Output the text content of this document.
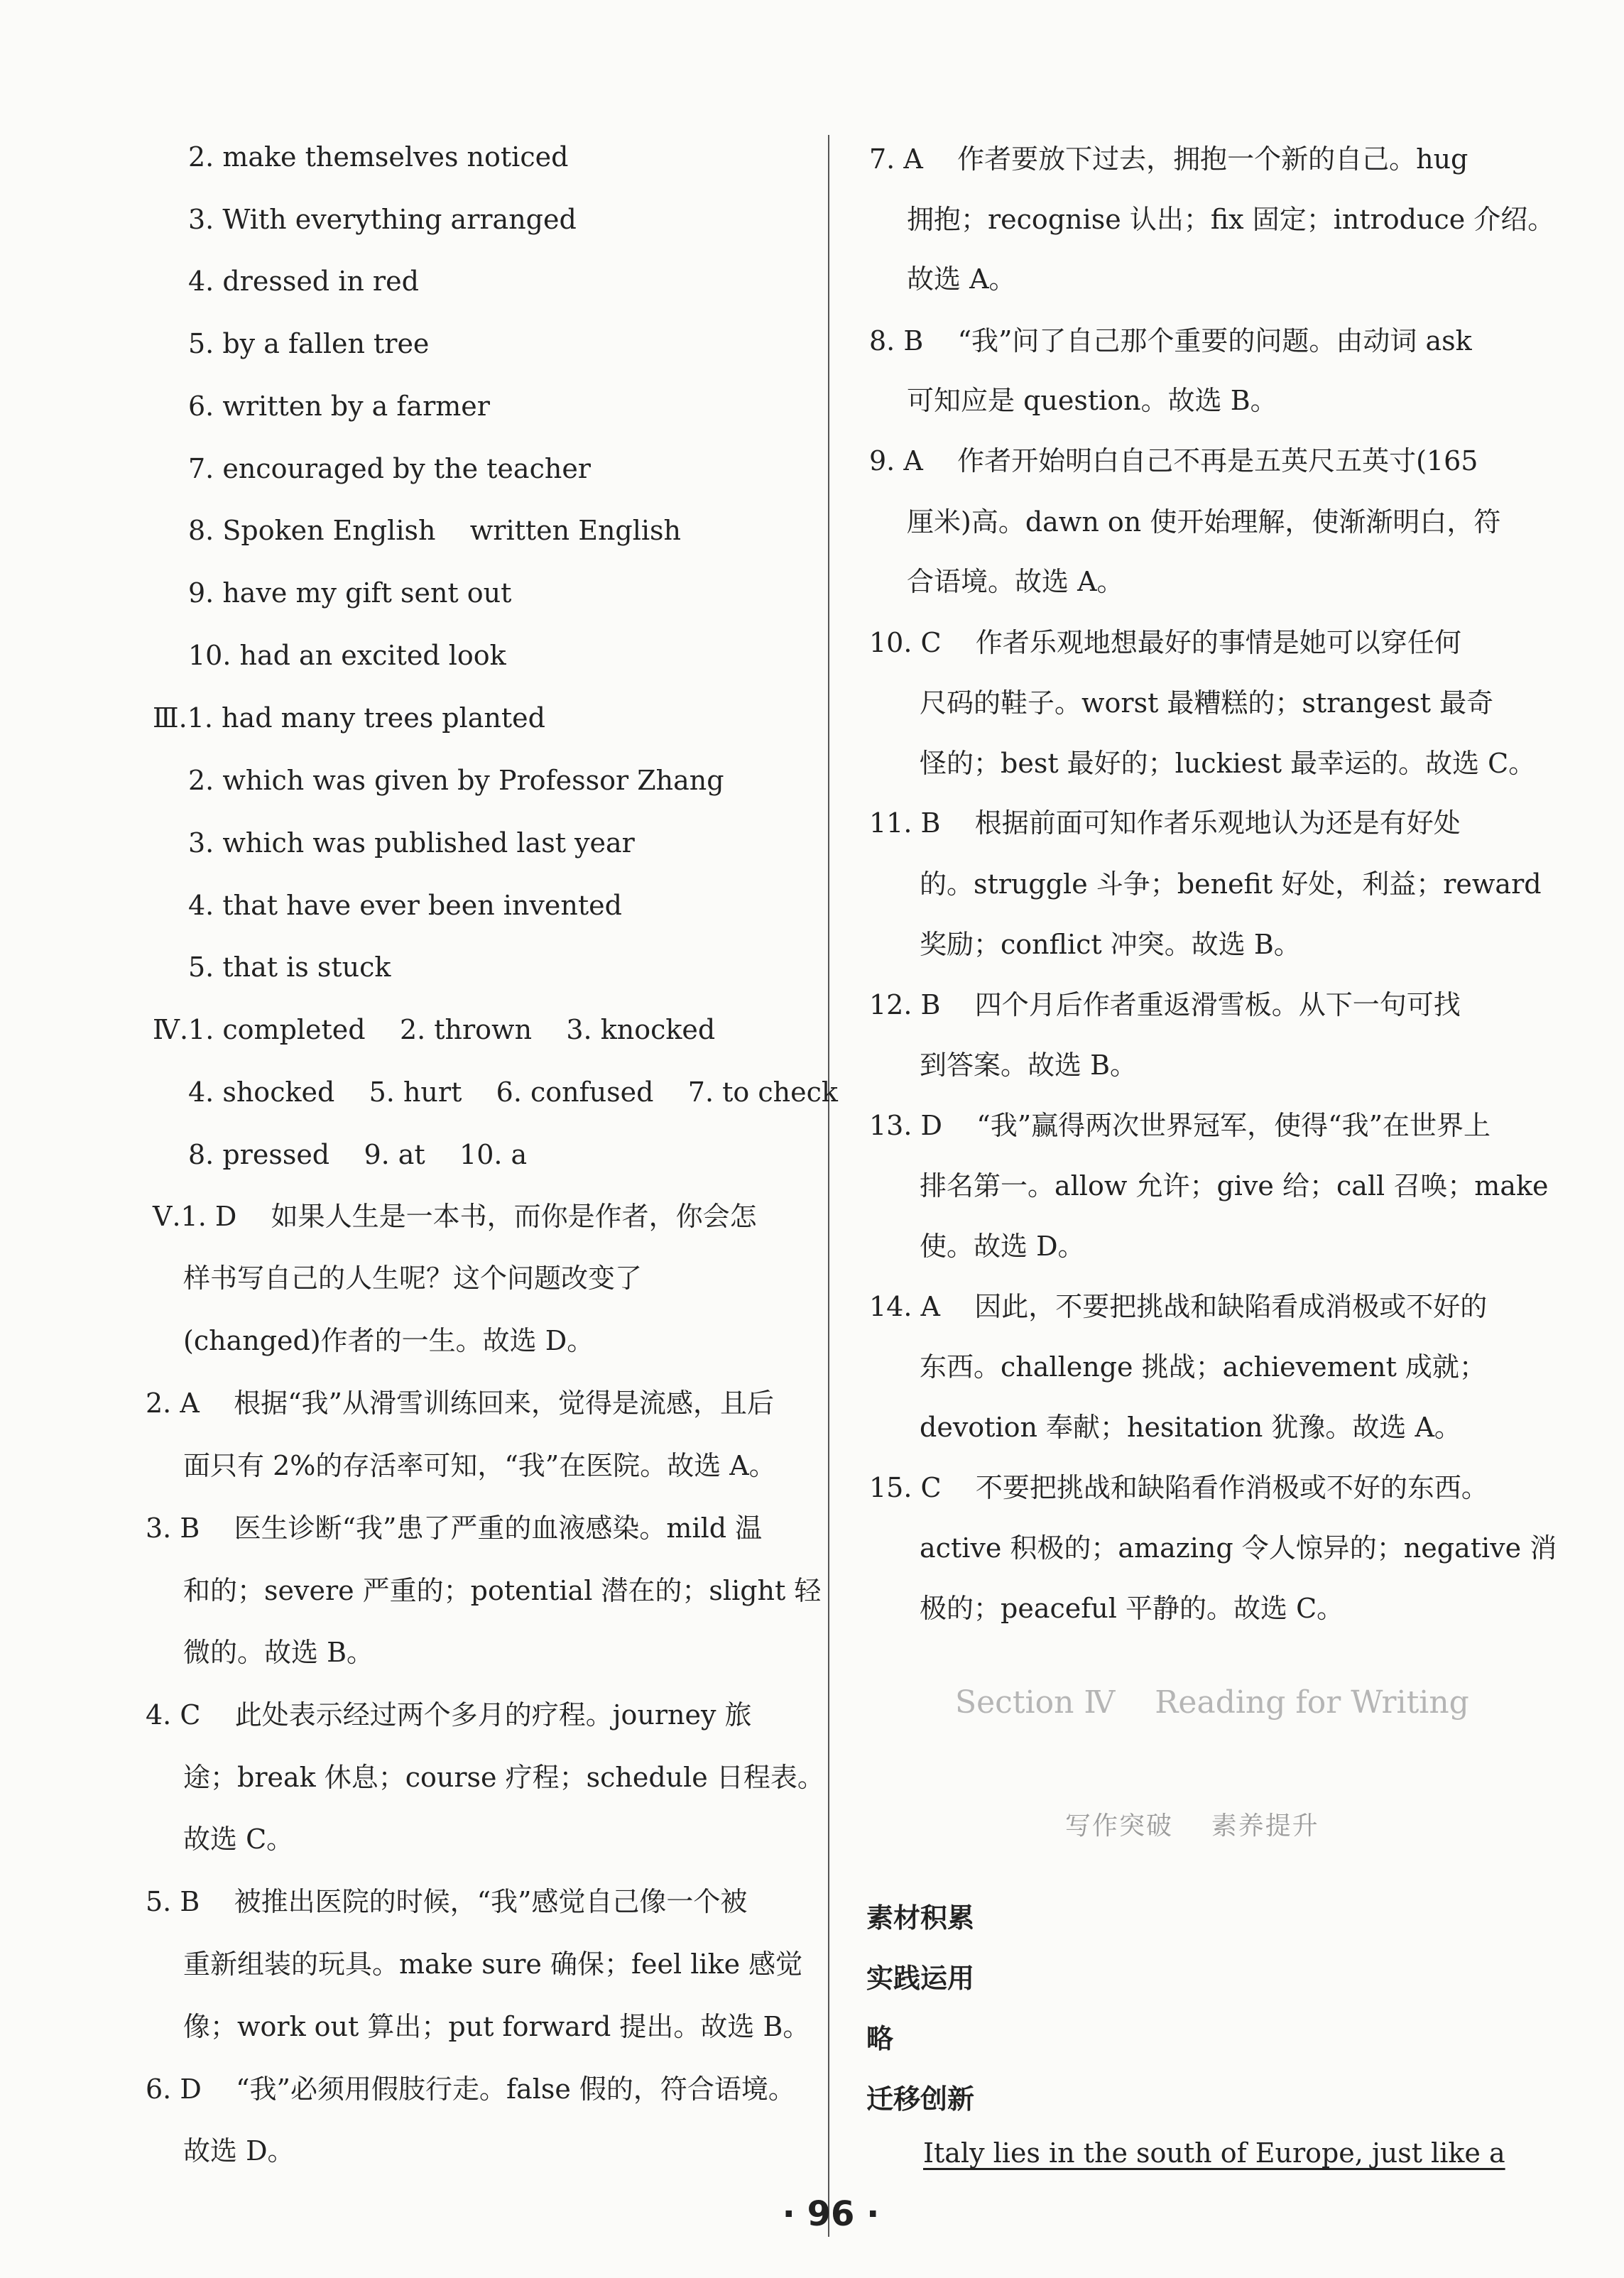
2. make themselves noticed
3. With everything arranged
4. dressed in red
5. by a fallen tree
6. written by a farmer
7. encouraged by the teacher
8. Spoken English    written English
9. have my gift sent out
10. had an excited look
Ⅲ.1. had many trees planted
2. which was given by Professor Zhang
3. which was published last year
4. that have ever been invented
5. that is stuck
Ⅳ.1. completed    2. thrown    3. knocked
4. shocked    5. hurt    6. confused    7. to check
8. pressed    9. at    10. a
Ⅴ.1. D    如果人生是一本书，而你是作者，你会怎
样书写自己的人生呢？这个问题改变了
(changed)作者的一生。故选 D。
2. A    根据“我”从滑雪训练回来，觉得是流感，且后
面只有 2%的存活率可知，“我”在医院。故选 A。
3. B    医生诊断“我”患了严重的血液感染。mild 温
和的；severe 严重的；potential 潜在的；slight 轻
微的。故选 B。
4. C    此处表示经过两个多月的疗程。journey 旅
途；break 休息；course 疗程；schedule 日程表。
故选 C。
5. B    被推出医院的时候，“我”感觉自己像一个被
重新组装的玩具。make sure 确保；feel like 感觉
像；work out 算出；put forward 提出。故选 B。
6. D    “我”必须用假肢行走。false 假的，符合语境。
故选 D。
7. A    作者要放下过去，拥抱一个新的自己。hug
拥抱；recognise 认出；fix 固定；introduce 介绍。
故选 A。
8. B    “我”问了自己那个重要的问题。由动词 ask
可知应是 question。故选 B。
9. A    作者开始明白自己不再是五英尺五英寸(165
厘米)高。dawn on 使开始理解，使渐渐明白，符
合语境。故选 A。
10. C    作者乐观地想最好的事情是她可以穿任何
尺码的鞋子。worst 最糟糕的；strangest 最奇
怪的；best 最好的；luckiest 最幸运的。故选 C。
11. B    根据前面可知作者乐观地认为还是有好处
的。struggle 斗争；benefit 好处，利益；reward
奖励；conflict 冲突。故选 B。
12. B    四个月后作者重返滑雪板。从下一句可找
到答案。故选 B。
13. D    “我”赢得两次世界冠军，使得“我”在世界上
排名第一。allow 允许；give 给；call 召唤；make
使。故选 D。
14. A    因此，不要把挑战和缺陷看成消极或不好的
东西。challenge 挑战；achievement 成就；
devotion 奉献；hesitation 犹豫。故选 A。
15. C    不要把挑战和缺陷看作消极或不好的东西。
active 积极的；amazing 令人惊异的；negative 消
极的；peaceful 平静的。故选 C。
Section Ⅳ    Reading for Writing
写作突破    素养提升
素材积累
实践运用
略
迁移创新
Italy lies in the south of Europe, just like a
· 96 ·
